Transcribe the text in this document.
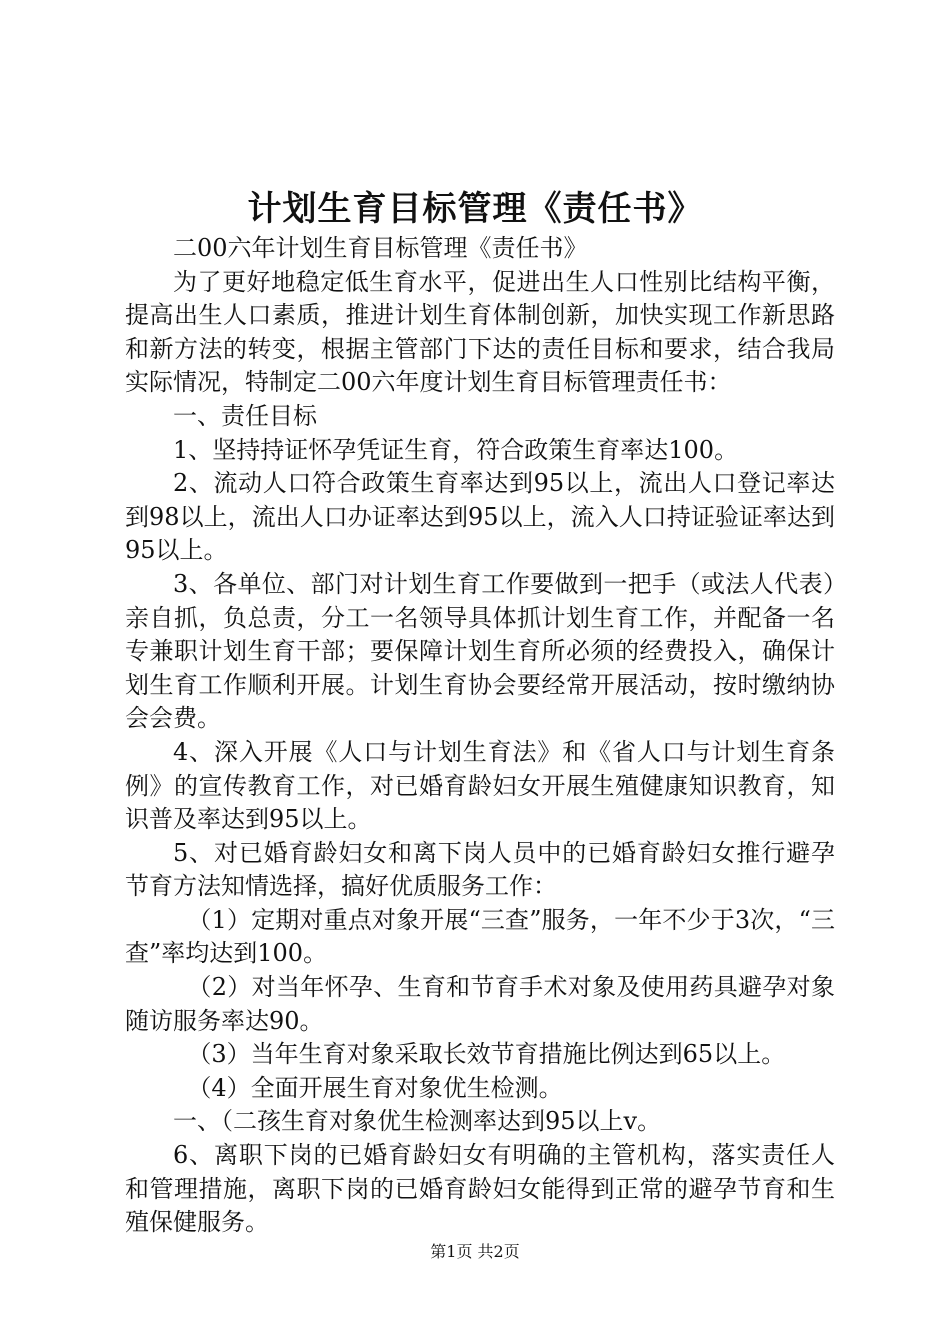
计划生育目标管理《责任书》

二00六年计划生育目标管理《责任书》

为了更好地稳定低生育水平，促进出生人口性别比结构平衡，提高出生人口素质，推进计划生育体制创新，加快实现工作新思路和新方法的转变，根据主管部门下达的责任目标和要求，结合我局实际情况，特制定二00六年度计划生育目标管理责任书：

一、责任目标

1、坚持持证怀孕凭证生育，符合政策生育率达100。

2、流动人口符合政策生育率达到95以上，流出人口登记率达到98以上，流出人口办证率达到95以上，流入人口持证验证率达到95以上。

3、各单位、部门对计划生育工作要做到一把手（或法人代表）亲自抓，负总责，分工一名领导具体抓计划生育工作，并配备一名专兼职计划生育干部；要保障计划生育所必须的经费投入，确保计划生育工作顺利开展。计划生育协会要经常开展活动，按时缴纳协会会费。

4、深入开展《人口与计划生育法》和《省人口与计划生育条例》的宣传教育工作，对已婚育龄妇女开展生殖健康知识教育，知识普及率达到95以上。

5、对已婚育龄妇女和离下岗人员中的已婚育龄妇女推行避孕节育方法知情选择，搞好优质服务工作：

（1）定期对重点对象开展“三查”服务，一年不少于3次，“三查”率均达到100。

（2）对当年怀孕、生育和节育手术对象及使用药具避孕对象随访服务率达90。

（3）当年生育对象采取长效节育措施比例达到65以上。

（4）全面开展生育对象优生检测。

一、（二孩生育对象优生检测率达到95以上v。

6、离职下岗的已婚育龄妇女有明确的主管机构，落实责任人和管理措施，离职下岗的已婚育龄妇女能得到正常的避孕节育和生殖保健服务。

第1页 共2页
